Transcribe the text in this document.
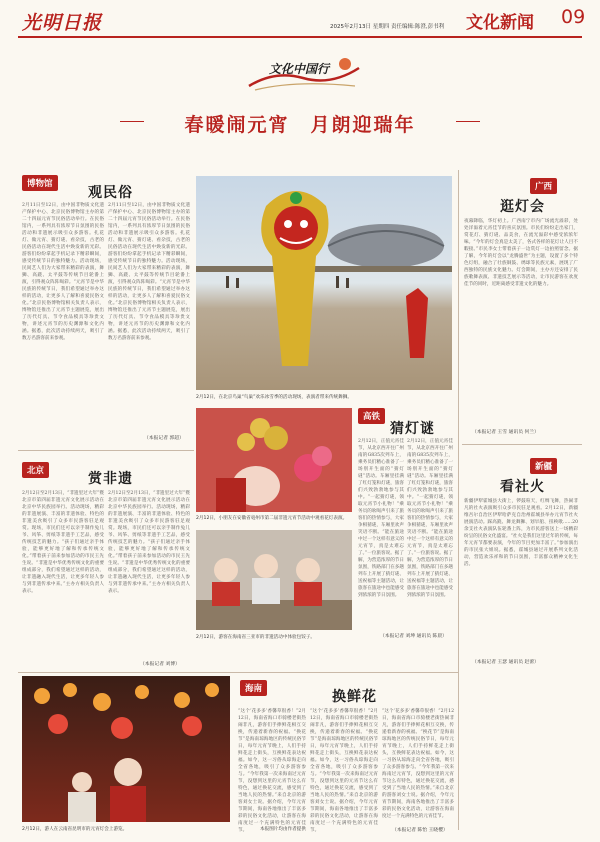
光明日报	2025年2月13日 星期四 责任编辑:陈澄,彭书利 文化新闻 09
文化中国行
春暖闹元宵　月朗迎瑞年
博物馆
观民俗
2月11日至12日，由中国非物质文化遗产保护中心、北京民俗博物馆主办的第二十四届元宵节民俗活动举行。在民俗馆内，一系列具有浓厚节日氛围的民俗活动和非遗展示吸引众多游客。扎花灯、做元宵、猜灯谜、看杂技，古老的民俗活动在现代生活中焕发新的光彩。游客们纷纷拿起手机记录下精彩瞬间，感受传统节日的独特魅力。活动现场，民间艺人们为大家带来精彩的表演，舞狮、高跷、太平鼓等传统节目轮番上演，引得观众阵阵喝彩。“元宵节是中华民族的传统节日，我们希望通过举办这样的活动，让更多人了解和喜爱民俗文化。”北京民俗博物馆相关负责人表示，博物馆还推出了元宵节主题展览，展出了历代灯具、节令食品模具等珍贵文物，讲述元宵节的历史渊源和文化内涵。据悉，此次活动持续两天，吸引了数万名游客前来参观。
2月11日至12日，由中国非物质文化遗产保护中心、北京民俗博物馆主办的第二十四届元宵节民俗活动举行。在民俗馆内，一系列具有浓厚节日氛围的民俗活动和非遗展示吸引众多游客。扎花灯、做元宵、猜灯谜、看杂技，古老的民俗活动在现代生活中焕发新的光彩。游客们纷纷拿起手机记录下精彩瞬间，感受传统节日的独特魅力。活动现场，民间艺人们为大家带来精彩的表演，舞狮、高跷、太平鼓等传统节目轮番上演，引得观众阵阵喝彩。“元宵节是中华民族的传统节日，我们希望通过举办这样的活动，让更多人了解和喜爱民俗文化。”北京民俗博物馆相关负责人表示，博物馆还推出了元宵节主题展览，展出了历代灯具、节令食品模具等珍贵文物，讲述元宵节的历史渊源和文化内涵。据悉，此次活动持续两天，吸引了数万名游客前来参观。
（本报记者 郭超）
北京	赏非遗
2月12日至2月13日，“非遗里过大年”暨北京市第四届非遗元宵文化展示活动在北京中华民族园举行。活动现场，精彩的非遗展演、丰富的非遗体验、特色的非遗美食吸引了众多市民游客驻足观赏。现场，市民们还可以亲手制作兔儿爷、风筝、剪纸等非遗手工艺品，感受传统技艺的魅力。“孩子们通过亲手体验，能够更好地了解和传承传统文化。”带着孩子前来参加活动的市民王先生说。“非遗是中华优秀传统文化的重要组成部分，我们希望通过这样的活动，让非遗融入现代生活，让更多年轻人参与到非遗传承中来。”主办方相关负责人表示。
2月12日至2月13日，“非遗里过大年”暨北京市第四届非遗元宵文化展示活动在北京中华民族园举行。活动现场，精彩的非遗展演、丰富的非遗体验、特色的非遗美食吸引了众多市民游客驻足观赏。现场，市民们还可以亲手制作兔儿爷、风筝、剪纸等非遗手工艺品，感受传统技艺的魅力。“孩子们通过亲手体验，能够更好地了解和传承传统文化。”带着孩子前来参加活动的市民王先生说。“非遗是中华优秀传统文化的重要组成部分，我们希望通过这样的活动，让非遗融入现代生活，让更多年轻人参与到非遗传承中来。”主办方相关负责人表示。
（本报记者 刘博）
2月12日，在北京鸟巢“鸟巢”欢乐冰雪季的活动现场，表演者带来传统舞狮。
2月12日，小朋友在安徽省亳州市第二届非遗元宵节活动中观看花灯表演。
2月12日，游客在海南省三亚市的非遗活动中体验包饺子。
高铁
猜灯谜
2月12日，正值元宵佳节，从北京西开往广州南的G835次列车上，乘务员们精心准备了一场别开生面的“猜灯谜”活动。车厢里挂满了红灯笼和灯谜，旅客们兴致勃勃地参与其中。“一起猜灯谜，领取元宵节小礼物！”乘务员的吆喝声引来了旅客们的热情参与，大家争相猜谜，车厢里欢声笑语不断。“能在旅途中过一个这样有意义的元宵节，真是太难忘了。”一位旅客说。据了解，为营造浓厚的节日氛围，铁路部门在多趟列车上开展了猜灯谜、送祝福等主题活动，让旅客在旅途中也能感受到浓浓的节日氛围。
2月12日，正值元宵佳节，从北京西开往广州南的G835次列车上，乘务员们精心准备了一场别开生面的“猜灯谜”活动。车厢里挂满了红灯笼和灯谜，旅客们兴致勃勃地参与其中。“一起猜灯谜，领取元宵节小礼物！”乘务员的吆喝声引来了旅客们的热情参与，大家争相猜谜，车厢里欢声笑语不断。“能在旅途中过一个这样有意义的元宵节，真是太难忘了。”一位旅客说。据了解，为营造浓厚的节日氛围，铁路部门在多趟列车上开展了猜灯谜、送祝福等主题活动，让旅客在旅途中也能感受到浓浓的节日氛围。
（本报记者 刘坤 通讯员 陈晨）
广西
逛灯会
夜幕降临，华灯初上。广西南宁市内广场流光溢彩，处处洋溢着元宵佳节的喜庆氛围。市民们纷纷走出家门，赏花灯、猜灯谜、品美食，在流光溢彩中感受浓浓年味。“今年的灯会真是太美了，各式各样的花灯让人目不暇接。”市民李女士带着孩子一边赏灯一边拍照留念。据了解，今年的灯会以“龙腾盛世”为主题，设置了多个特色灯组，融合了壮族铜鼓、绣球等民族元素，展现了广西独特的民族文化魅力。灯会期间，主办方还安排了民族歌舞表演、非遗技艺展示等活动，让市民游客在欢度佳节的同时，近距离感受非遗文化的魅力。
（本报记者 王雪 通讯员 何兰）
新疆
看社火
新疆伊犁霍城县大街上，锣鼓喧天，红绸飞舞，热闹非凡的社火表演吸引众多市民驻足观看。2月12日，新疆维吾尔自治区伊犁哈萨克自治州霍城县举办元宵节社火展演活动。踩高跷、舞龙舞狮、划旱船、扭秧歌……20余支社火表演队伍轮番上阵，为市民游客送上一场精彩纷呈的民俗文化盛宴。“社火是我们这里过年的传统，每年元宵节都要表演，今年的节目更加丰富了。”参加演出的市民张大姐说。据悉，霍城县通过开展系列文化活动，营造欢乐祥和的节日氛围，丰富群众精神文化生活。
（本报记者 王瑟 通讯员 赵蕾）
2月12日，游人在云南省昆明市的元宵灯会上游览。
海南	换鲜花
“这个‘花多多’香馨草很香！”2月12日，海南省海口市骑楼老街热闹非凡，游客们手捧鲜花相互交换，传递着新春的祝福。“换花节”是海南琼海地区的传统民俗节日，每年元宵节晚上，人们手持鲜花走上街头，互换鲜花表达祝福。如今，这一习俗从琼海走向全省各地，吸引了众多游客参与。“今年我第一次来海南过元宵节，没想到这里的元宵节这么有特色，通过换花交流，感受到了当地人民的热情。”来自北京的游客刘女士说。据介绍，今年元宵节期间，海南各地推出了丰富多彩的民俗文化活动，让游客在海南度过一个充满特色的元宵佳节。
“这个‘花多多’香馨草很香！”2月12日，海南省海口市骑楼老街热闹非凡，游客们手捧鲜花相互交换，传递着新春的祝福。“换花节”是海南琼海地区的传统民俗节日，每年元宵节晚上，人们手持鲜花走上街头，互换鲜花表达祝福。如今，这一习俗从琼海走向全省各地，吸引了众多游客参与。“今年我第一次来海南过元宵节，没想到这里的元宵节这么有特色，通过换花交流，感受到了当地人民的热情。”来自北京的游客刘女士说。据介绍，今年元宵节期间，海南各地推出了丰富多彩的民俗文化活动，让游客在海南度过一个充满特色的元宵佳节。
“这个‘花多多’香馨草很香！”2月12日，海南省海口市骑楼老街热闹非凡，游客们手捧鲜花相互交换，传递着新春的祝福。“换花节”是海南琼海地区的传统民俗节日，每年元宵节晚上，人们手持鲜花走上街头，互换鲜花表达祝福。如今，这一习俗从琼海走向全省各地，吸引了众多游客参与。“今年我第一次来海南过元宵节，没想到这里的元宵节这么有特色，通过换花交流，感受到了当地人民的热情。”来自北京的游客刘女士说。据介绍，今年元宵节期间，海南各地推出了丰富多彩的民俗文化活动，让游客在海南度过一个充满特色的元宵佳节。
（本报记者 陈怡 王晓樱）
本报图片均由作者提供
